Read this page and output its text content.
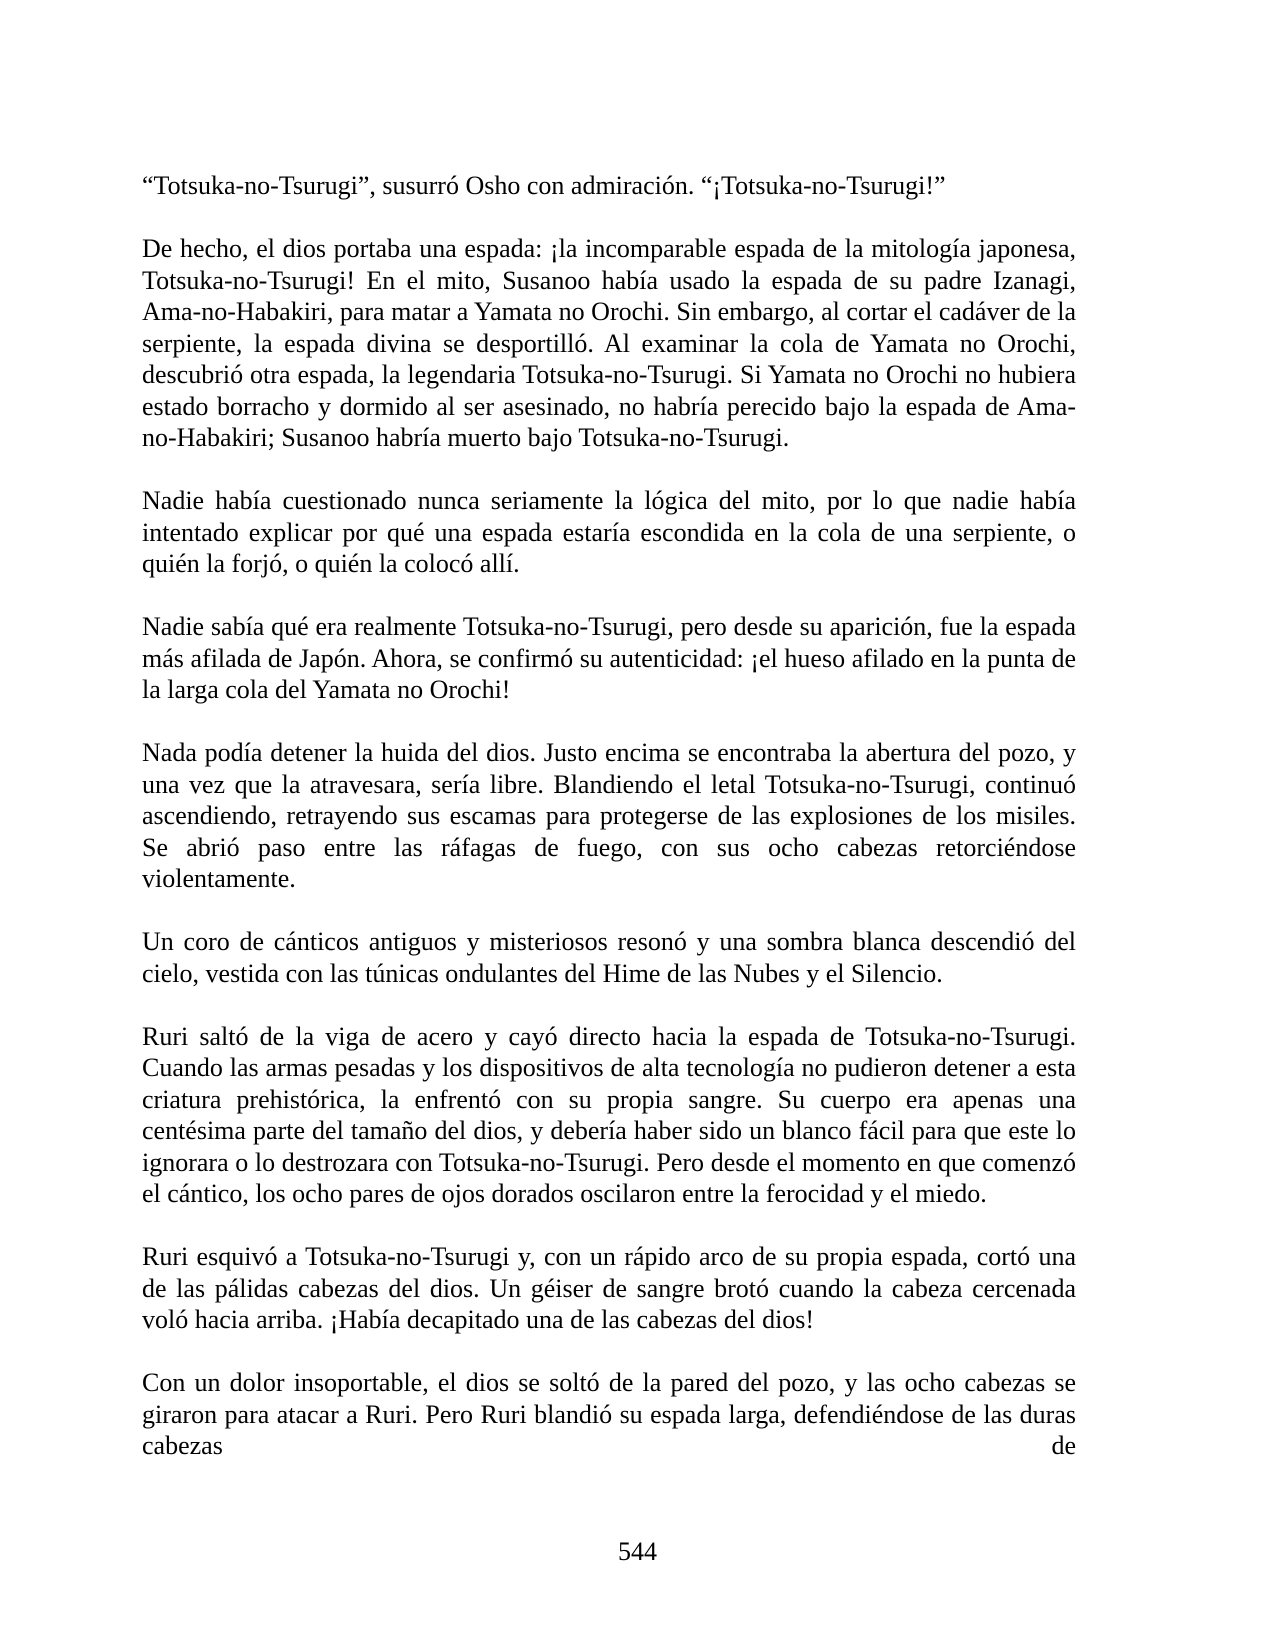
“Totsuka-no-Tsurugi”, susurró Osho con admiración. “¡Totsuka-no-Tsurugi!”

De hecho, el dios portaba una espada: ¡la incomparable espada de la mitología japonesa, Totsuka-no-Tsurugi! En el mito, Susanoo había usado la espada de su padre Izanagi, Ama-no-Habakiri, para matar a Yamata no Orochi. Sin embargo, al cortar el cadáver de la serpiente, la espada divina se desportilló. Al examinar la cola de Yamata no Orochi, descubrió otra espada, la legendaria Totsuka-no-Tsurugi. Si Yamata no Orochi no hubiera estado borracho y dormido al ser asesinado, no habría perecido bajo la espada de Ama-no-Habakiri; Susanoo habría muerto bajo Totsuka-no-Tsurugi.

Nadie había cuestionado nunca seriamente la lógica del mito, por lo que nadie había intentado explicar por qué una espada estaría escondida en la cola de una serpiente, o quién la forjó, o quién la colocó allí.

Nadie sabía qué era realmente Totsuka-no-Tsurugi, pero desde su aparición, fue la espada más afilada de Japón. Ahora, se confirmó su autenticidad: ¡el hueso afilado en la punta de la larga cola del Yamata no Orochi!

Nada podía detener la huida del dios. Justo encima se encontraba la abertura del pozo, y una vez que la atravesara, sería libre. Blandiendo el letal Totsuka-no-Tsurugi, continuó ascendiendo, retrayendo sus escamas para protegerse de las explosiones de los misiles. Se abrió paso entre las ráfagas de fuego, con sus ocho cabezas retorciéndose violentamente.

Un coro de cánticos antiguos y misteriosos resonó y una sombra blanca descendió del cielo, vestida con las túnicas ondulantes del Hime de las Nubes y el Silencio.

Ruri saltó de la viga de acero y cayó directo hacia la espada de Totsuka-no-Tsurugi. Cuando las armas pesadas y los dispositivos de alta tecnología no pudieron detener a esta criatura prehistórica, la enfrentó con su propia sangre. Su cuerpo era apenas una centésima parte del tamaño del dios, y debería haber sido un blanco fácil para que este lo ignorara o lo destrozara con Totsuka-no-Tsurugi. Pero desde el momento en que comenzó el cántico, los ocho pares de ojos dorados oscilaron entre la ferocidad y el miedo.

Ruri esquivó a Totsuka-no-Tsurugi y, con un rápido arco de su propia espada, cortó una de las pálidas cabezas del dios. Un géiser de sangre brotó cuando la cabeza cercenada voló hacia arriba. ¡Había decapitado una de las cabezas del dios!

Con un dolor insoportable, el dios se soltó de la pared del pozo, y las ocho cabezas se giraron para atacar a Ruri. Pero Ruri blandió su espada larga, defendiéndose de las duras cabezas de

544
